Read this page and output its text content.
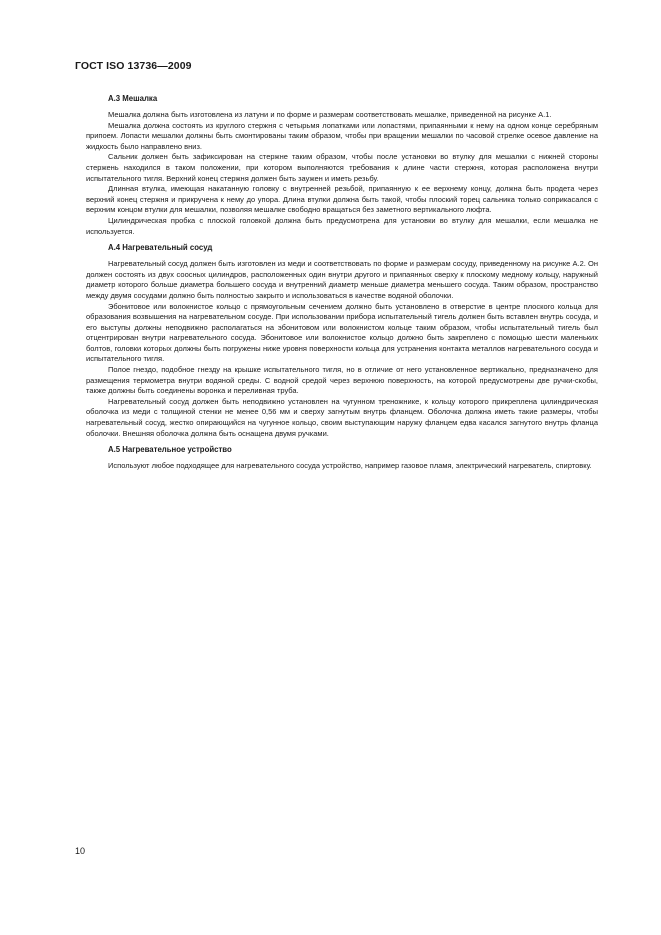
ГОСТ ISO 13736—2009
А.3 Мешалка

Мешалка должна быть изготовлена из латуни и по форме и размерам соответствовать мешалке, приведенной на рисунке А.1.

Мешалка должна состоять из круглого стержня с четырьмя лопатками или лопастями, припаянными к нему на одном конце серебряным припоем. Лопасти мешалки должны быть смонтированы таким образом, чтобы при вращении мешалки по часовой стрелке осевое давление на жидкость было направлено вниз.

Сальник должен быть зафиксирован на стержне таким образом, чтобы после установки во втулку для мешалки с нижней стороны стержень находился в таком положении, при котором выполняются требования к длине части стержня, которая расположена внутри испытательного тигля. Верхний конец стержня должен быть заужен и иметь резьбу.

Длинная втулка, имеющая накатанную головку с внутренней резьбой, припаянную к ее верхнему концу, должна быть продета через верхний конец стержня и прикручена к нему до упора. Длина втулки должна быть такой, чтобы плоский торец сальника только соприкасался с верхним концом втулки для мешалки, позволяя мешалке свободно вращаться без заметного вертикального люфта.

Цилиндрическая пробка с плоской головкой должна быть предусмотрена для установки во втулку для мешалки, если мешалка не используется.

А.4 Нагревательный сосуд

Нагревательный сосуд должен быть изготовлен из меди и соответствовать по форме и размерам сосуду, приведенному на рисунке А.2. Он должен состоять из двух соосных цилиндров, расположенных один внутри другого и припаянных сверху к плоскому медному кольцу, наружный диаметр которого больше диаметра большего сосуда и внутренний диаметр меньше диаметра меньшего сосуда. Таким образом, пространство между двумя сосудами должно быть полностью закрыто и использоваться в качестве водяной оболочки.

Эбонитовое или волокнистое кольцо с прямоугольным сечением должно быть установлено в отверстие в центре плоского кольца для образования возвышения на нагревательном сосуде. При использовании прибора испытательный тигель должен быть вставлен внутрь сосуда, и его выступы должны неподвижно располагаться на эбонитовом или волокнистом кольце таким образом, чтобы испытательный тигель был отцентрирован внутри нагревательного сосуда. Эбонитовое или волокнистое кольцо должно быть закреплено с помощью шести маленьких болтов, головки которых должны быть погружены ниже уровня поверхности кольца для устранения контакта металлов нагревательного сосуда и испытательного тигля.

Полое гнездо, подобное гнезду на крышке испытательного тигля, но в отличие от него установленное вертикально, предназначено для размещения термометра внутри водяной среды. С водной средой через верхнюю поверхность, на которой предусмотрены две ручки-скобы, также должны быть соединены воронка и переливная труба.

Нагревательный сосуд должен быть неподвижно установлен на чугунном треножнике, к кольцу которого прикреплена цилиндрическая оболочка из меди с толщиной стенки не менее 0,56 мм и сверху загнутым внутрь фланцем. Оболочка должна иметь такие размеры, чтобы нагревательный сосуд, жестко опирающийся на чугунное кольцо, своим выступающим наружу фланцем едва касался загнутого внутрь фланца оболочки. Внешняя оболочка должна быть оснащена двумя ручками.

А.5 Нагревательное устройство

Используют любое подходящее для нагревательного сосуда устройство, например газовое пламя, электрический нагреватель, спиртовку.

10
